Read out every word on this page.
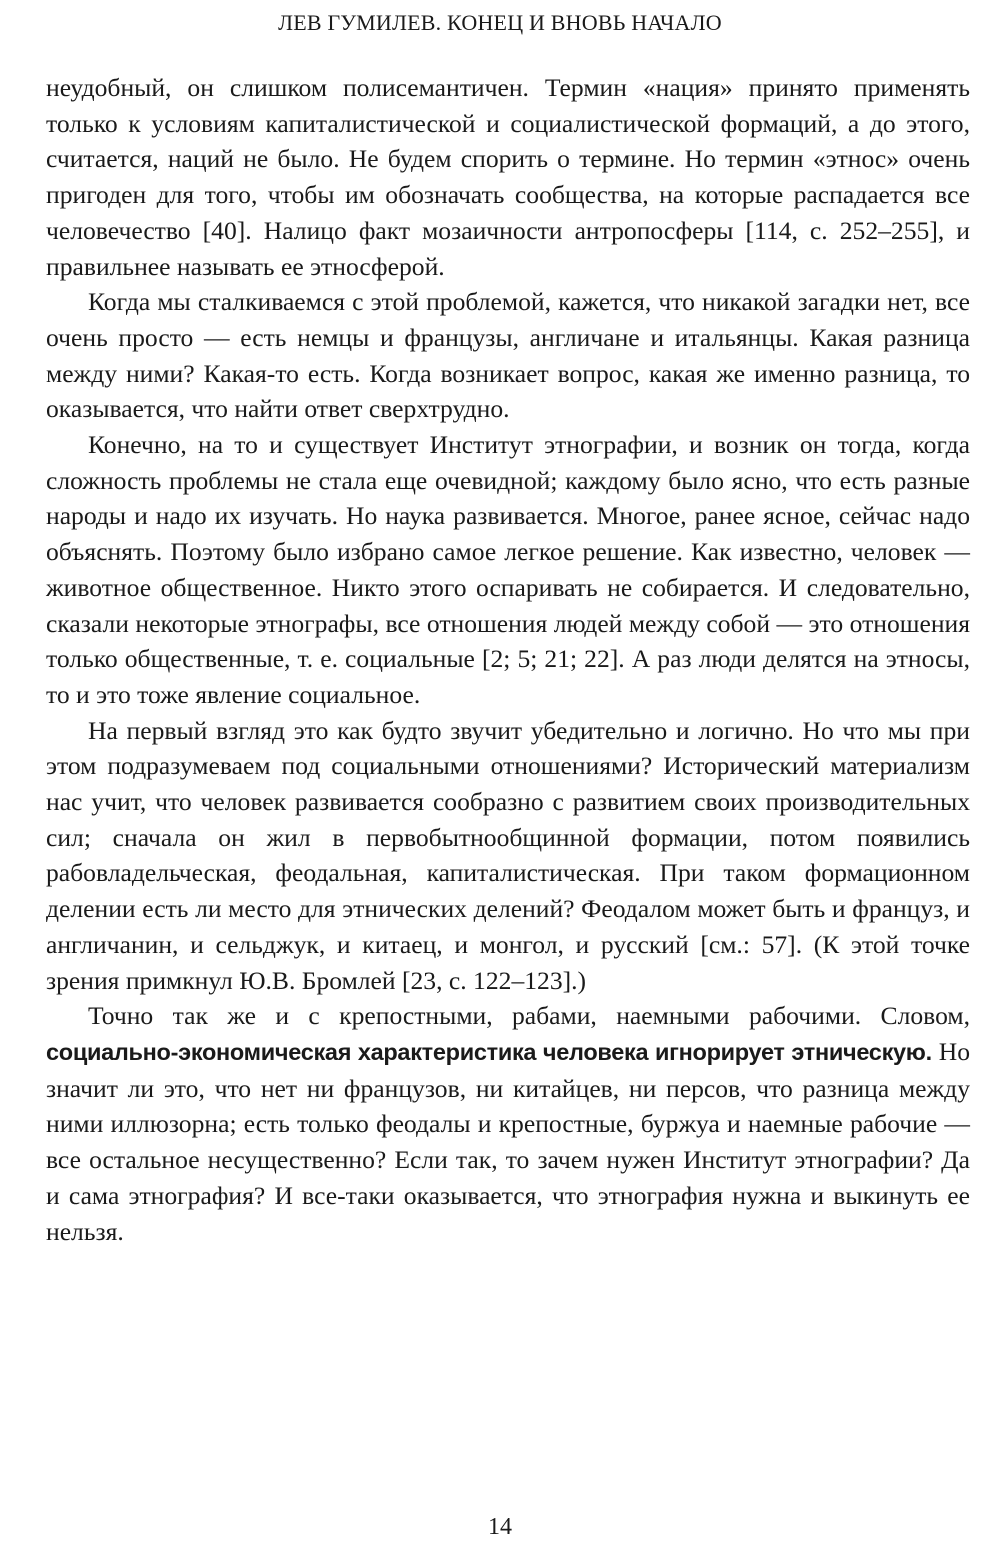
ЛЕВ ГУМИЛЕВ. КОНЕЦ И ВНОВЬ НАЧАЛО

неудобный, он слишком полисемантичен. Термин «нация» принято применять только к условиям капиталистической и социалистической формаций, а до этого, считается, наций не было. Не будем спорить о термине. Но термин «этнос» очень пригоден для того, чтобы им обозначать сообщества, на которые распадается все человечество [40]. Налицо факт мозаичности антропосферы [114, с. 252–255], и правильнее называть ее этносферой.

Когда мы сталкиваемся с этой проблемой, кажется, что никакой загадки нет, все очень просто — есть немцы и французы, англичане и итальянцы. Какая разница между ними? Какая-то есть. Когда возникает вопрос, какая же именно разница, то оказывается, что найти ответ сверхтрудно.

Конечно, на то и существует Институт этнографии, и возник он тогда, когда сложность проблемы не стала еще очевидной; каждому было ясно, что есть разные народы и надо их изучать. Но наука развивается. Многое, ранее ясное, сейчас надо объяснять. Поэтому было избрано самое легкое решение. Как известно, человек — животное общественное. Никто этого оспаривать не собирается. И следовательно, сказали некоторые этнографы, все отношения людей между собой — это отношения только общественные, т. е. социальные [2; 5; 21; 22]. А раз люди делятся на этносы, то и это тоже явление социальное.

На первый взгляд это как будто звучит убедительно и логично. Но что мы при этом подразумеваем под социальными отношениями? Исторический материализм нас учит, что человек развивается сообразно с развитием своих производительных сил; сначала он жил в первобытнообщинной формации, потом появились рабовладельческая, феодальная, капиталистическая. При таком формационном делении есть ли место для этнических делений? Феодалом может быть и француз, и англичанин, и сельджук, и китаец, и монгол, и русский [см.: 57]. (К этой точке зрения примкнул Ю.В. Бромлей [23, с. 122–123].)

Точно так же и с крепостными, рабами, наемными рабочими. Словом, социально-экономическая характеристика человека игнорирует этническую. Но значит ли это, что нет ни французов, ни китайцев, ни персов, что разница между ними иллюзорна; есть только феодалы и крепостные, буржуа и наемные рабочие — все остальное несущественно? Если так, то зачем нужен Институт этнографии? Да и сама этнография? И все-таки оказывается, что этнография нужна и выкинуть ее нельзя.

14
